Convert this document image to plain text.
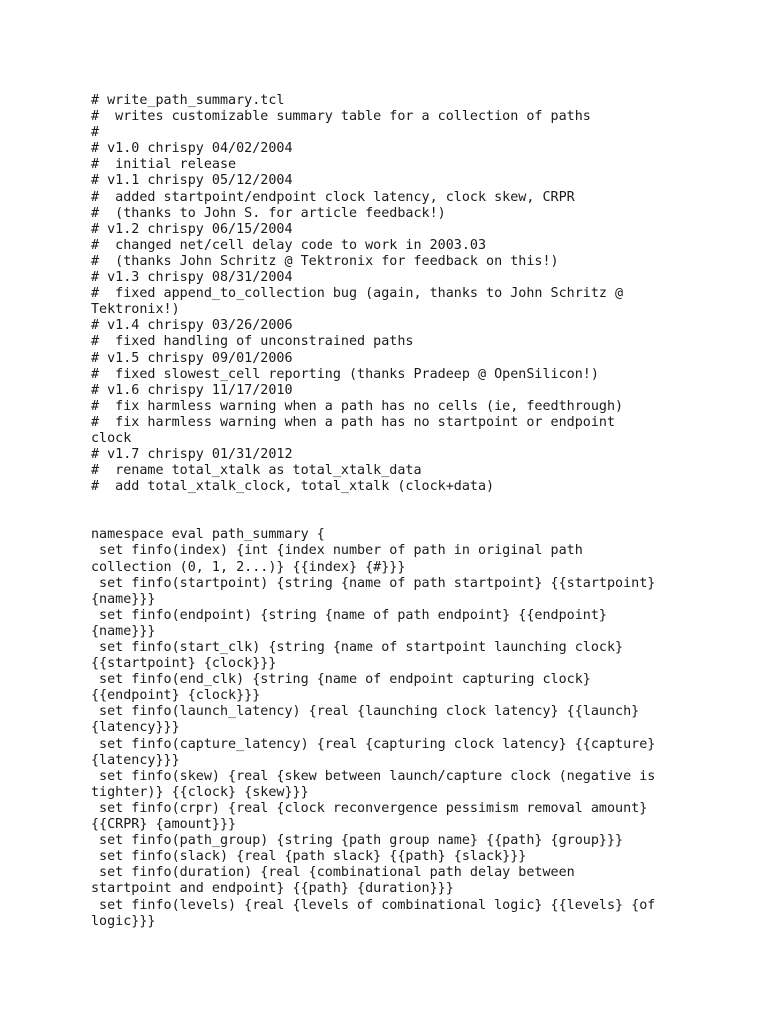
# write_path_summary.tcl
#  writes customizable summary table for a collection of paths
#
# v1.0 chrispy 04/02/2004
#  initial release
# v1.1 chrispy 05/12/2004
#  added startpoint/endpoint clock latency, clock skew, CRPR
#  (thanks to John S. for article feedback!)
# v1.2 chrispy 06/15/2004
#  changed net/cell delay code to work in 2003.03
#  (thanks John Schritz @ Tektronix for feedback on this!)
# v1.3 chrispy 08/31/2004
#  fixed append_to_collection bug (again, thanks to John Schritz @
Tektronix!)
# v1.4 chrispy 03/26/2006
#  fixed handling of unconstrained paths
# v1.5 chrispy 09/01/2006
#  fixed slowest_cell reporting (thanks Pradeep @ OpenSilicon!)
# v1.6 chrispy 11/17/2010
#  fix harmless warning when a path has no cells (ie, feedthrough)
#  fix harmless warning when a path has no startpoint or endpoint
clock
# v1.7 chrispy 01/31/2012
#  rename total_xtalk as total_xtalk_data
#  add total_xtalk_clock, total_xtalk (clock+data)
namespace eval path_summary {
set finfo(index) {int {index number of path in original path
collection (0, 1, 2...)} {{index} {#}}}
set finfo(startpoint) {string {name of path startpoint} {{startpoint}
{name}}}
set finfo(endpoint) {string {name of path endpoint} {{endpoint}
{name}}}
set finfo(start_clk) {string {name of startpoint launching clock}
{{startpoint} {clock}}}
set finfo(end_clk) {string {name of endpoint capturing clock}
{{endpoint} {clock}}}
set finfo(launch_latency) {real {launching clock latency} {{launch}
{latency}}}
set finfo(capture_latency) {real {capturing clock latency} {{capture}
{latency}}}
set finfo(skew) {real {skew between launch/capture clock (negative is
tighter)} {{clock} {skew}}}
set finfo(crpr) {real {clock reconvergence pessimism removal amount}
{{CRPR} {amount}}}
set finfo(path_group) {string {path group name} {{path} {group}}}
set finfo(slack) {real {path slack} {{path} {slack}}}
set finfo(duration) {real {combinational path delay between
startpoint and endpoint} {{path} {duration}}}
set finfo(levels) {real {levels of combinational logic} {{levels} {of
logic}}}
